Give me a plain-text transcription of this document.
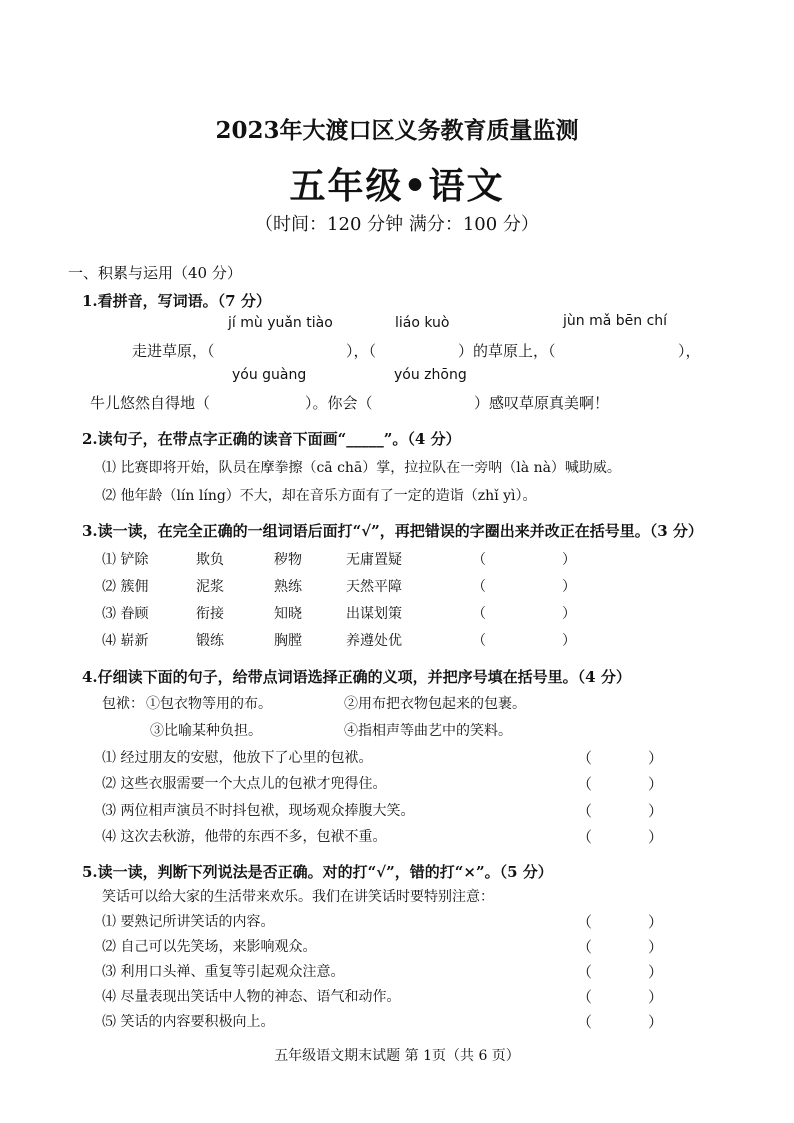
2023年大渡口区义务教育质量监测
五年级•语文
（时间：120 分钟 满分：100 分）
一、积累与运用（40 分）
1.看拼音，写词语。（7 分）
jí mù yuǎn tiào	liáo kuò	jùn mǎ bēn chí
走进草原，（	），（	）的草原上，（	），
yóu guàng	yóu zhōng
牛儿悠然自得地（	）。你会（	）感叹草原真美啊！
2.读句子，在带点字正确的读音下面画“_____”。（4 分）
⑴ 比赛即将开始，队员在摩拳擦（cā chā）掌，拉拉队在一旁呐（là nà）喊助威。
⑵ 他年龄（lín líng）不大，却在音乐方面有了一定的造诣（zhǐ yì）。
3.读一读，在完全正确的一组词语后面打“√”，再把错误的字圈出来并改正在括号里。（3 分）
⑴ 铲除	欺负	秽物	无庸置疑	（	）
⑵ 簇佣	泥浆	熟练	天然平障	（	）
⑶ 眷顾	衔接	知晓	出谋划策	（	）
⑷ 崭新	锻练	胸膛	养遵处优	（	）
4.仔细读下面的句子，给带点词语选择正确的义项，并把序号填在括号里。（4 分）
包袱： ①包衣物等用的布。	②用布把衣物包起来的包裹。
③比喻某种负担。	④指相声等曲艺中的笑料。
⑴ 经过朋友的安慰，他放下了心里的包袱。	（	）
⑵ 这些衣服需要一个大点儿的包袱才兜得住。	（	）
⑶ 两位相声演员不时抖包袱，现场观众捧腹大笑。	（	）
⑷ 这次去秋游，他带的东西不多，包袱不重。	（	）
5.读一读，判断下列说法是否正确。对的打“√”，错的打“×”。（5 分）
笑话可以给大家的生活带来欢乐。我们在讲笑话时要特别注意：
⑴ 要熟记所讲笑话的内容。	（	）
⑵ 自己可以先笑场，来影响观众。	（	）
⑶ 利用口头禅、重复等引起观众注意。	（	）
⑷ 尽量表现出笑话中人物的神态、语气和动作。	（	）
⑸ 笑话的内容要积极向上。	（	）
五年级语文期末试题 第 1页（共 6 页）
